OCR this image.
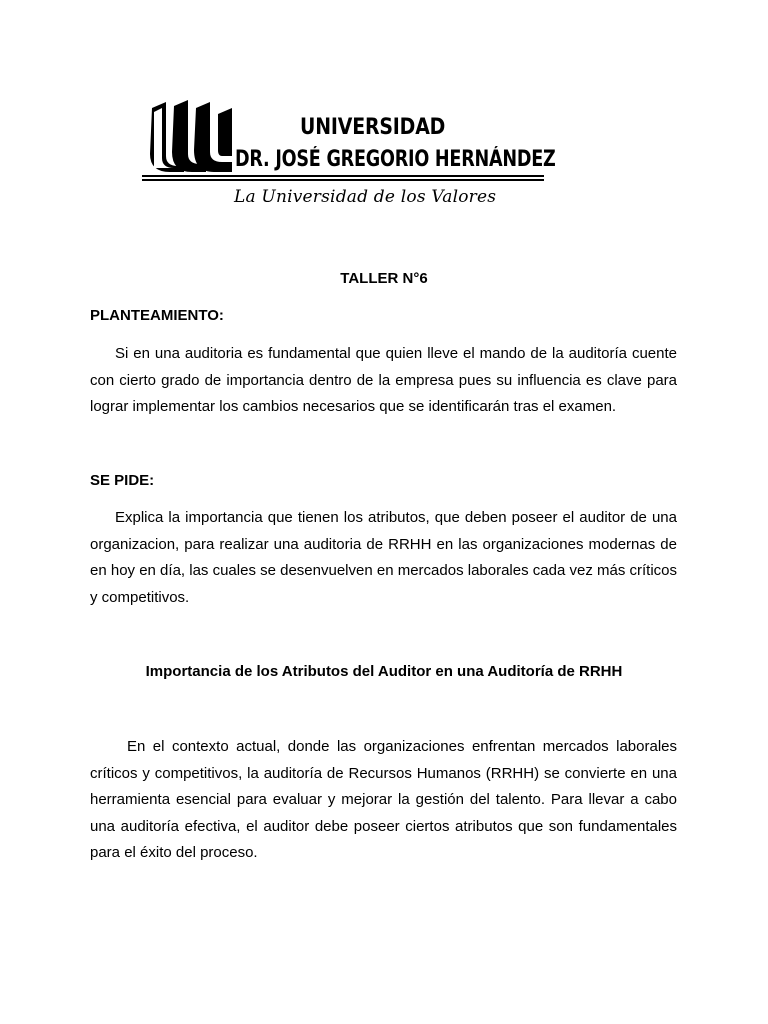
UNIVERSIDAD
DR. JOSÉ GREGORIO HERNÁNDEZ
La Universidad de los Valores
TALLER N°6
PLANTEAMIENTO:
Si en una auditoria es fundamental que quien lleve el mando de la auditoría cuente con cierto grado de importancia dentro de la empresa pues su influencia es clave para lograr implementar los cambios necesarios que se identificarán tras el examen.
SE PIDE:
Explica la importancia que tienen los atributos, que deben poseer el auditor de una organizacion, para realizar una auditoria de RRHH en las organizaciones modernas de en hoy en día, las cuales se desenvuelven en mercados laborales cada vez más críticos y competitivos.
Importancia de los Atributos del Auditor en una Auditoría de RRHH
En el contexto actual, donde las organizaciones enfrentan mercados laborales críticos y competitivos, la auditoría de Recursos Humanos (RRHH) se convierte en una herramienta esencial para evaluar y mejorar la gestión del talento. Para llevar a cabo una auditoría efectiva, el auditor debe poseer ciertos atributos que son fundamentales para el éxito del proceso.
